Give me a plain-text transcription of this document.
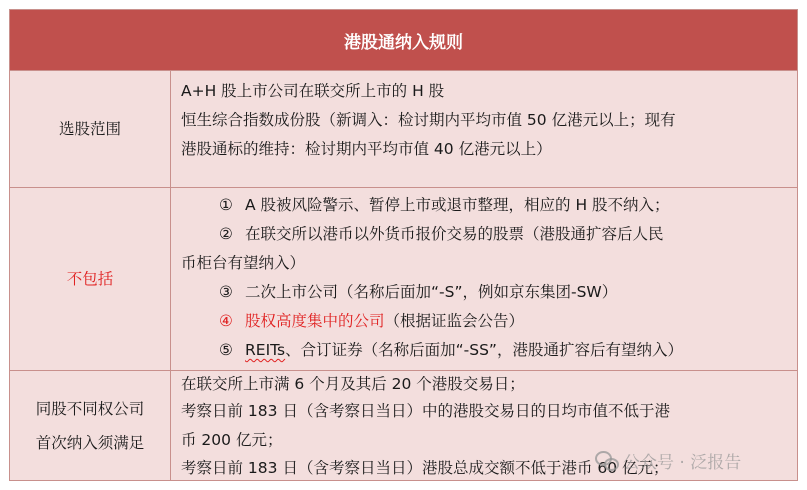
港股通纳入规则
选股范围
A+H 股上市公司在联交所上市的 H 股
恒生综合指数成份股（新调入：检讨期内平均市值 50 亿港元以上；现有
港股通标的维持：检讨期内平均市值 40 亿港元以上）
不包括
① A 股被风险警示、暂停上市或退市整理，相应的 H 股不纳入；
② 在联交所以港币以外货币报价交易的股票（港股通扩容后人民
币柜台有望纳入）
③ 二次上市公司（名称后面加“-S”，例如京东集团-SW）
④ 股权高度集中的公司（根据证监会公告）
⑤ REITs、合订证券（名称后面加“-SS”，港股通扩容后有望纳入）
同股不同权公司
首次纳入须满足
在联交所上市满 6 个月及其后 20 个港股交易日；
考察日前 183 日（含考察日当日）中的港股交易日的日均市值不低于港
币 200 亿元；
考察日前 183 日（含考察日当日）港股总成交额不低于港币 60 亿元；
公众号 · 泛报告
